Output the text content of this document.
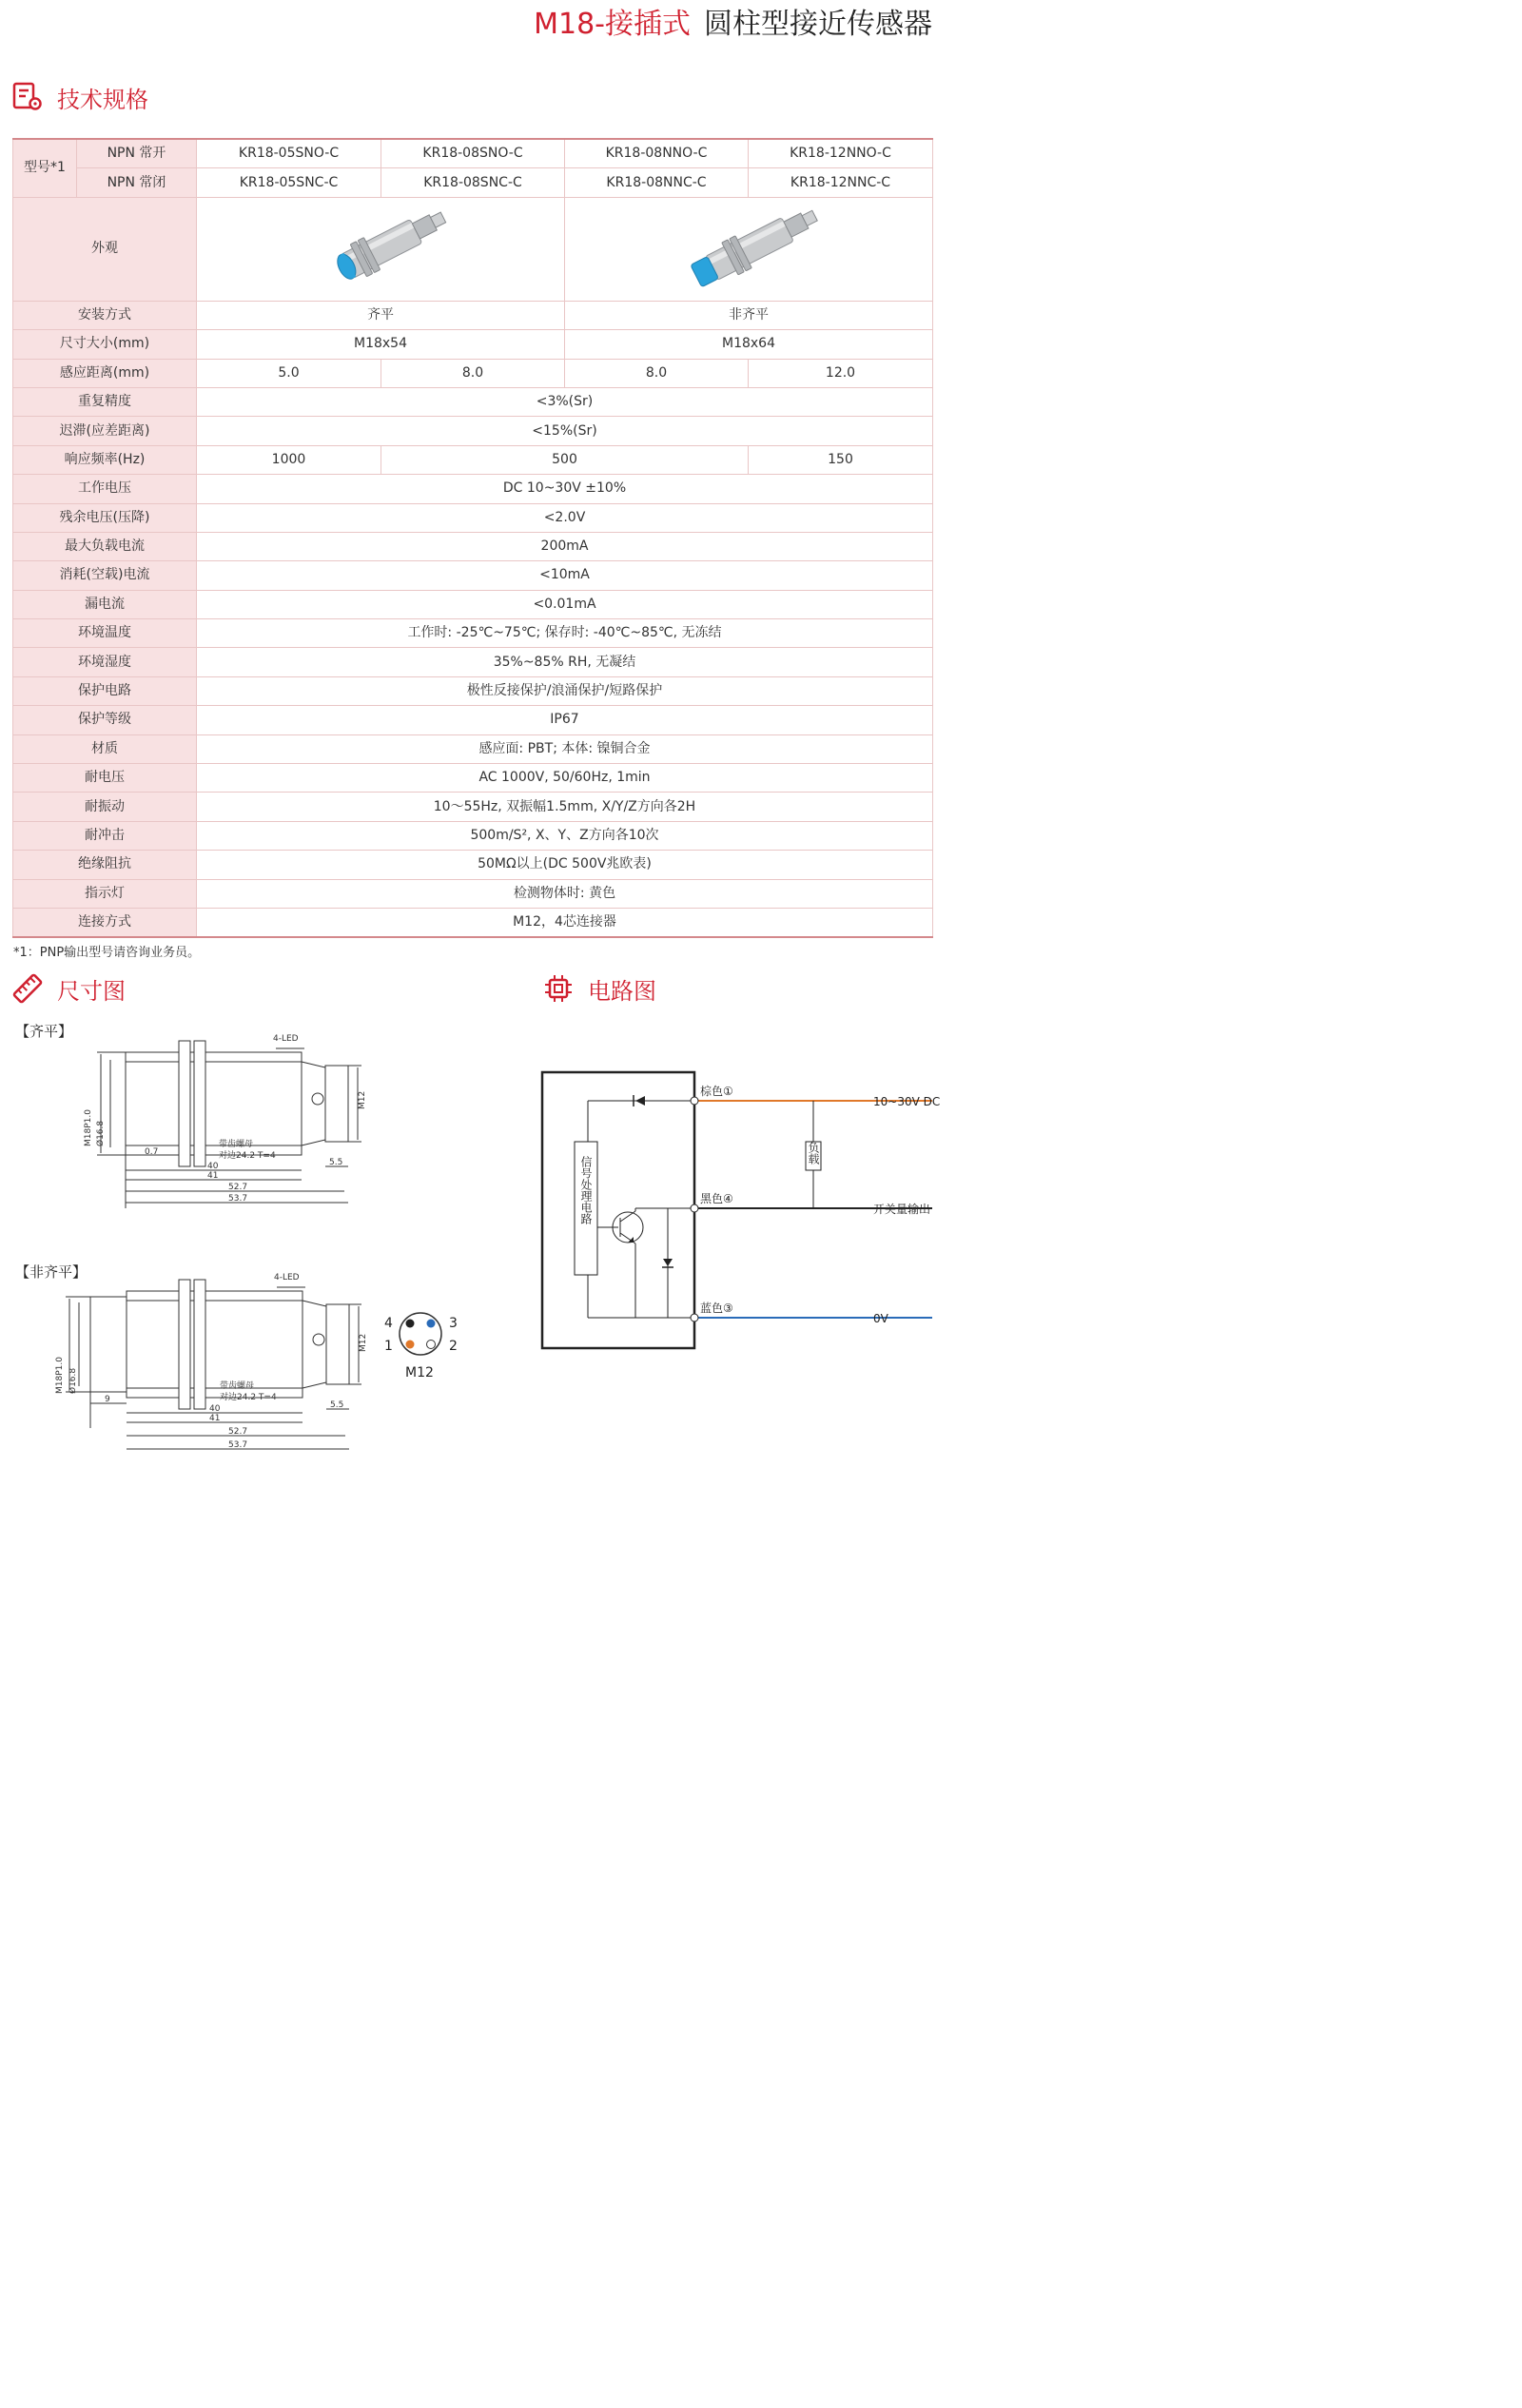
M18-接插式 圆柱型接近传感器
技术规格
型号*1	NPN 常开	KR18-05SNO-C	KR18-08SNO-C	KR18-08NNO-C	KR18-12NNO-C
	NPN 常闭	KR18-05SNC-C	KR18-08SNC-C	KR18-08NNC-C	KR18-12NNC-C
外观	

安装方式		齐平		非齐平	
尺寸大小(mm)		M18x54		M18x64	
感应距离(mm)		5.0	8.0	8.0	12.0
重复精度		<3%(Sr)			
迟滞(应差距离)		<15%(Sr)			
响应频率(Hz)		1000	500		150
工作电压		DC 10~30V ±10%			
残余电压(压降)		<2.0V			
最大负载电流		200mA			
消耗(空载)电流		<10mA			
漏电流		<0.01mA			
环境温度		工作时: -25℃~75℃; 保存时: -40℃~85℃, 无冻结			
环境湿度		35%~85% RH, 无凝结			
保护电路		极性反接保护/浪涌保护/短路保护			
保护等级		IP67			
材质		感应面: PBT; 本体: 镍铜合金			
耐电压		AC 1000V, 50/60Hz, 1min			
耐振动		10～55Hz, 双振幅1.5mm, X/Y/Z方向各2H			
耐冲击		500m/S², X、Y、Z方向各10次			
绝缘阻抗		50MΩ以上(DC 500V兆欧表)			
指示灯		检测物体时: 黄色			
连接方式		M12，4芯连接器			
*1：PNP输出型号请咨询业务员。
尺寸图	电路图
【齐平】	4-LED
M12
M18P1.0 Ø16.8	带齿螺母
对边24.2 T=4
0.7
40
41
5.5
52.7
53.7
【非齐平】	4-LED
M12
M18P1.0 Ø16.8	带齿螺母
对边24.2 T=4
9
40
41
5.5
52.7
53.7
4	3
1	2
M12
棕色①
黑色④
蓝色③
10~30V DC
开关量输出
0V
负载
信号处理电路
